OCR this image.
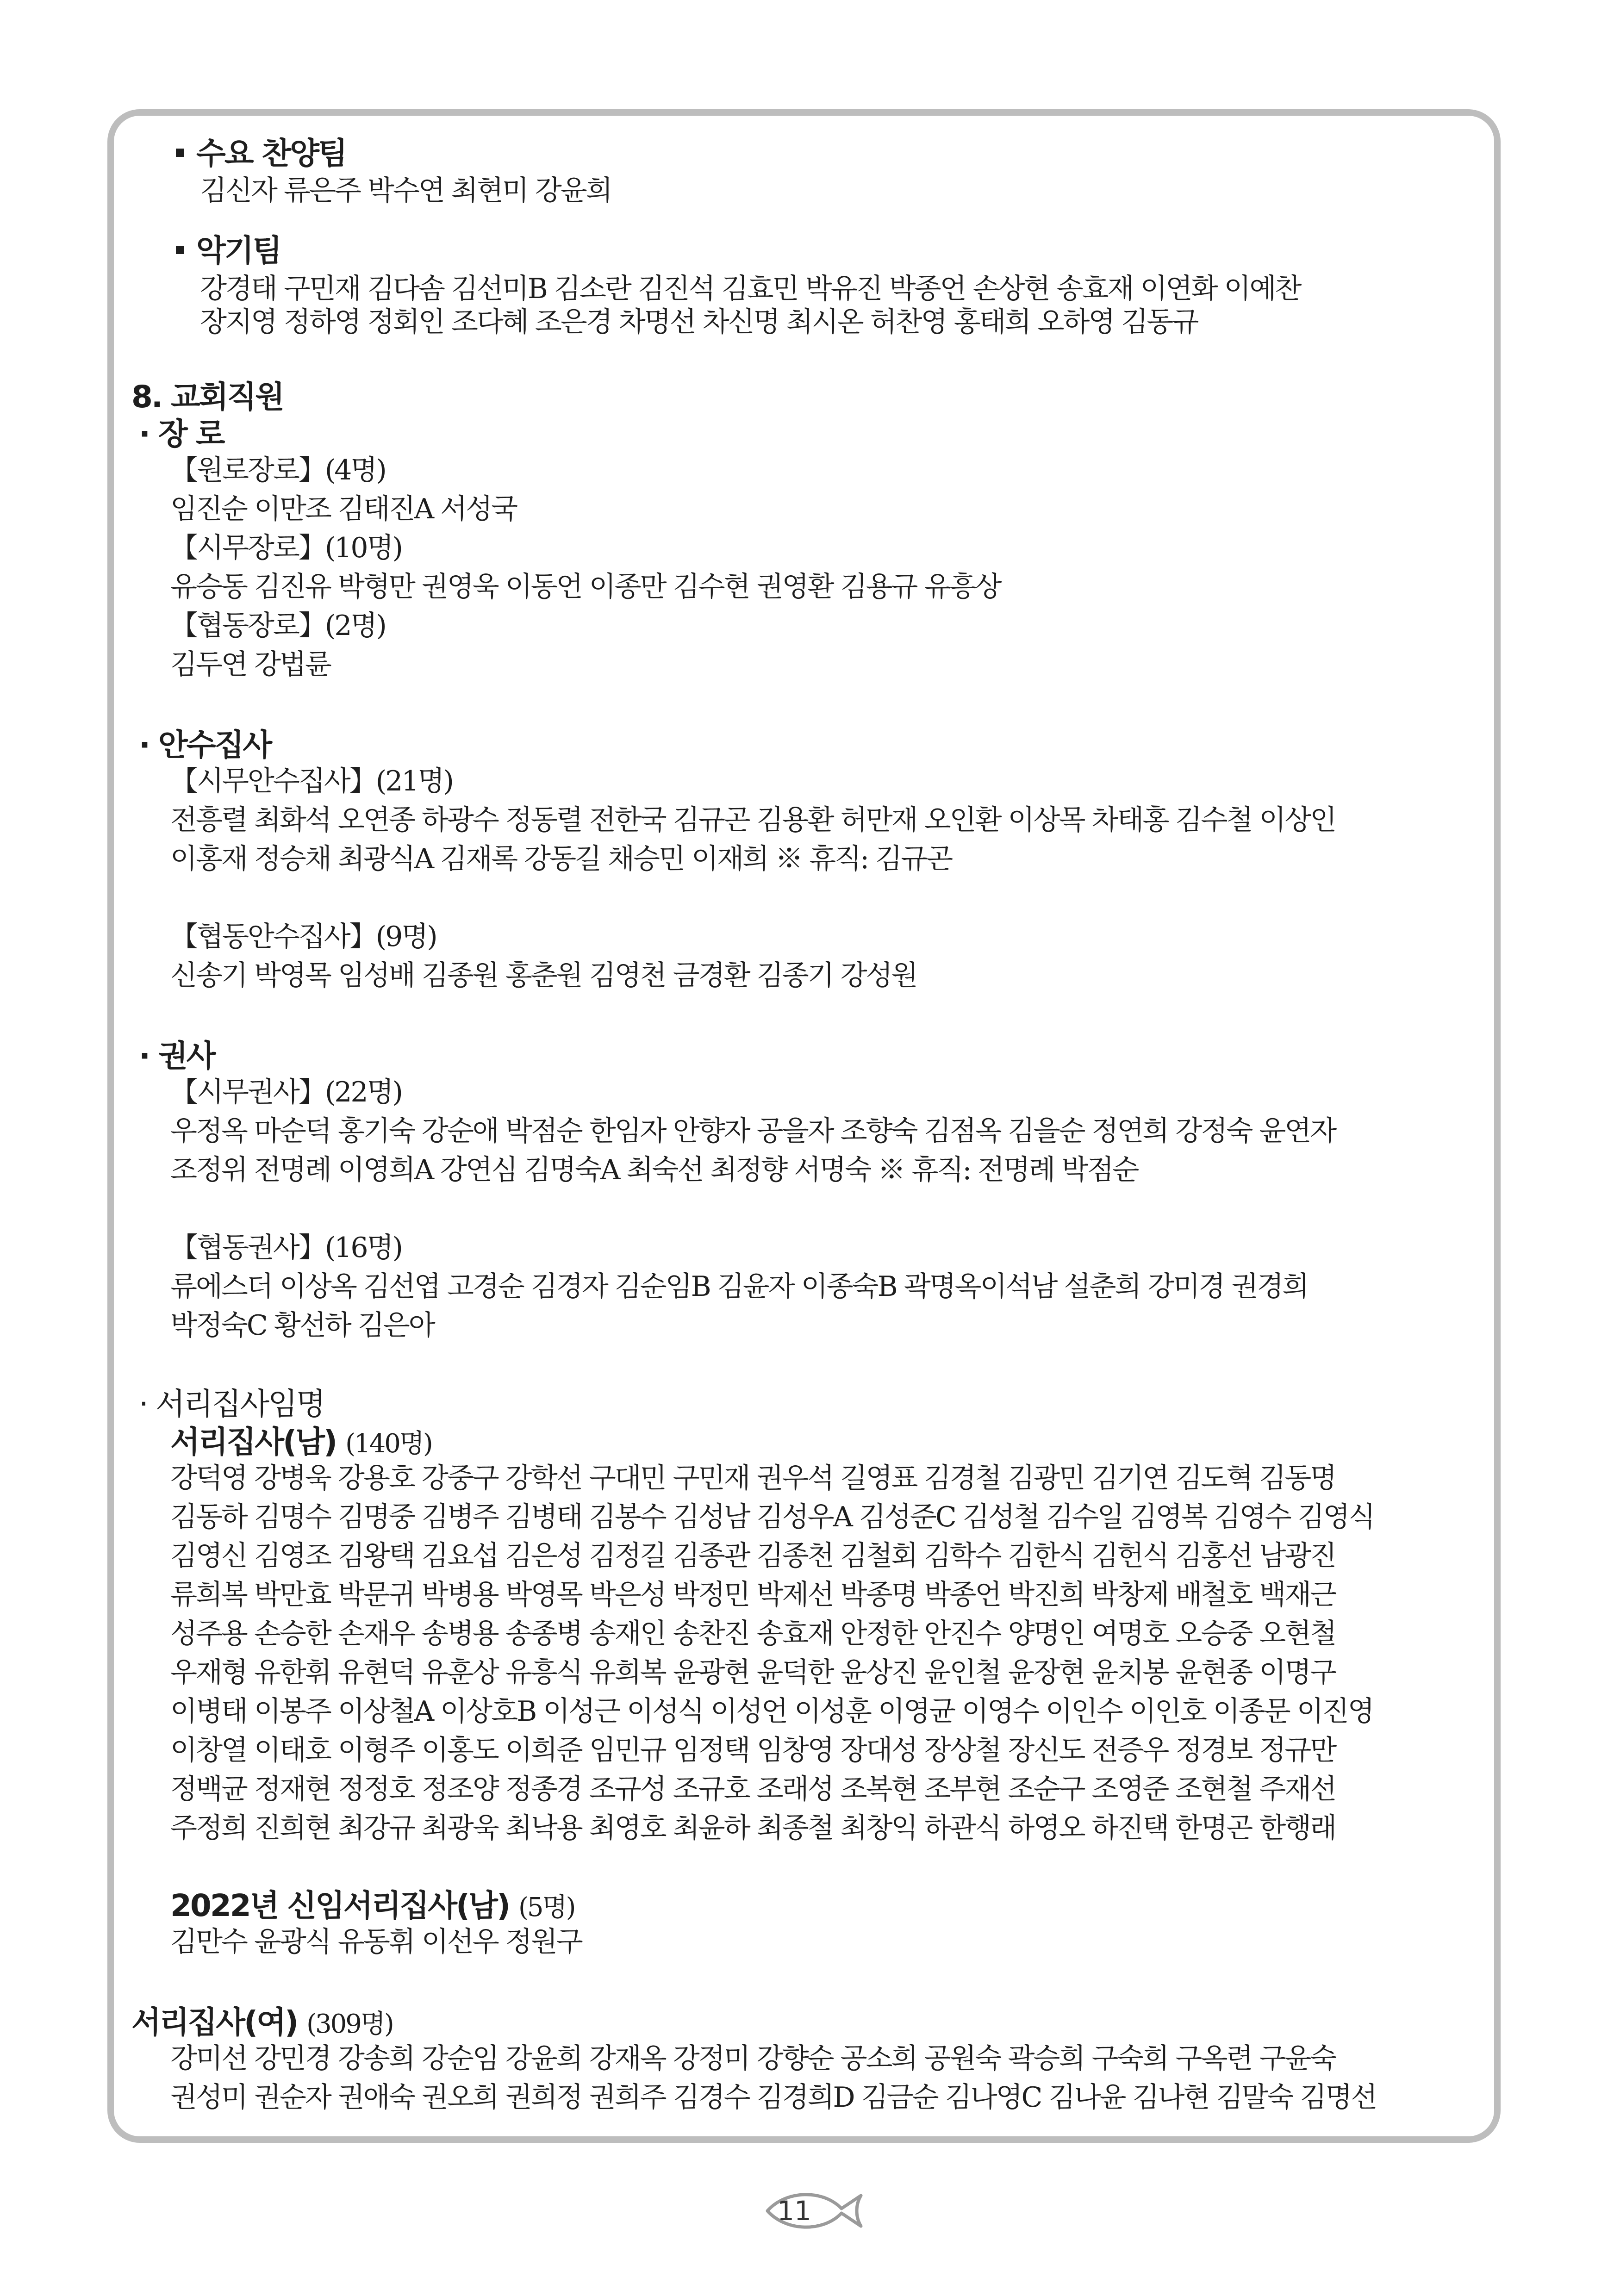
수요 찬양팀
김신자 류은주 박수연 최현미 강윤희
악기팀
강경태 구민재 김다솜 김선미B 김소란 김진석 김효민 박유진 박종언 손상현 송효재 이연화 이예찬
장지영 정하영 정회인 조다혜 조은경 차명선 차신명 최시온 허찬영 홍태희 오하영 김동규
8. 교회직원
· 장 로
【원로장로】(4명)
임진순 이만조 김태진A 서성국
【시무장로】(10명)
유승동 김진유 박형만 권영욱 이동언 이종만 김수현 권영환 김용규 유흥상
【협동장로】(2명)
김두연 강법륜
· 안수집사
【시무안수집사】(21명)
전흥렬 최화석 오연종 하광수 정동렬 전한국 김규곤 김용환 허만재 오인환 이상목 차태홍 김수철 이상인
이홍재 정승채 최광식A 김재록 강동길 채승민 이재희 ※ 휴직: 김규곤
【협동안수집사】(9명)
신송기 박영목 임성배 김종원 홍춘원 김영천 금경환 김종기 강성원
· 권사
【시무권사】(22명)
우정옥 마순덕 홍기숙 강순애 박점순 한임자 안향자 공을자 조향숙 김점옥 김을순 정연희 강정숙 윤연자
조정위 전명례 이영희A 강연심 김명숙A 최숙선 최정향 서명숙 ※ 휴직: 전명례 박점순
【협동권사】(16명)
류에스더 이상옥 김선엽 고경순 김경자 김순임B 김윤자 이종숙B 곽명옥이석남 설춘희 강미경 권경희
박정숙C 황선하 김은아
· 서리집사임명
서리집사(남) (140명)
강덕영 강병욱 강용호 강중구 강학선 구대민 구민재 권우석 길영표 김경철 김광민 김기연 김도혁 김동명
김동하 김명수 김명중 김병주 김병태 김봉수 김성남 김성우A 김성준C 김성철 김수일 김영복 김영수 김영식
김영신 김영조 김왕택 김요섭 김은성 김정길 김종관 김종천 김철회 김학수 김한식 김헌식 김홍선 남광진
류희복 박만효 박문귀 박병용 박영목 박은성 박정민 박제선 박종명 박종언 박진희 박창제 배철호 백재근
성주용 손승한 손재우 송병용 송종병 송재인 송찬진 송효재 안정한 안진수 양명인 여명호 오승중 오현철
우재형 유한휘 유현덕 유훈상 유흥식 유희복 윤광현 윤덕한 윤상진 윤인철 윤장현 윤치봉 윤현종 이명구
이병태 이봉주 이상철A 이상호B 이성근 이성식 이성언 이성훈 이영균 이영수 이인수 이인호 이종문 이진영
이창열 이태호 이형주 이홍도 이희준 임민규 임정택 임창영 장대성 장상철 장신도 전증우 정경보 정규만
정백균 정재현 정정호 정조양 정종경 조규성 조규호 조래성 조복현 조부현 조순구 조영준 조현철 주재선
주정희 진희현 최강규 최광욱 최낙용 최영호 최윤하 최종철 최창익 하관식 하영오 하진택 한명곤 한행래
2022년 신임서리집사(남) (5명)
김만수 윤광식 유동휘 이선우 정원구
서리집사(여) (309명)
강미선 강민경 강송희 강순임 강윤희 강재옥 강정미 강향순 공소희 공원숙 곽승희 구숙희 구옥련 구윤숙
권성미 권순자 권애숙 권오희 권희정 권희주 김경수 김경희D 김금순 김나영C 김나윤 김나현 김말숙 김명선
11
